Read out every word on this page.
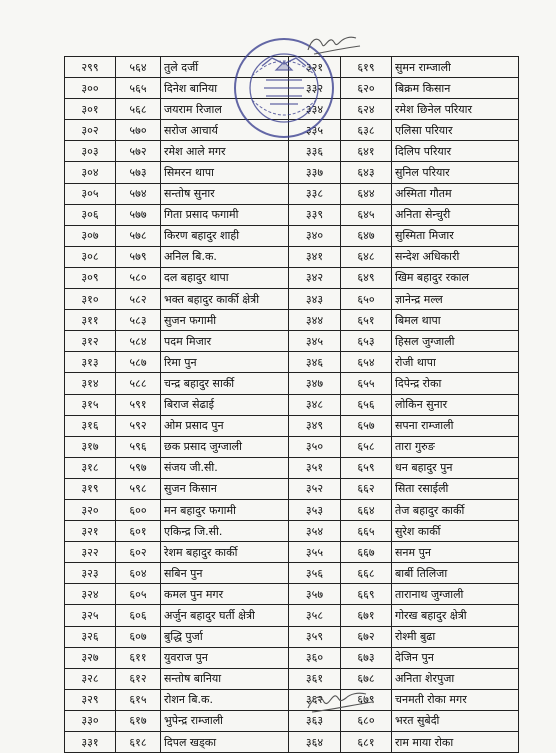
२९९	५६४	तुले दर्जी	३२१	६१९	सुमन राम्जाली
३००	५६५	दिनेश बानिया	३३२	६२०	बिक्रम किसान
३०१	५६८	जयराम रिजाल	३३४	६२४	रमेश छिनेल परियार
३०२	५७०	सरोज आचार्य	३३५	६३८	एलिसा परियार
३०३	५७२	रमेश आले मगर	३३६	६४१	दिलिप परियार
३०४	५७३	सिमरन थापा	३३७	६४३	सुनिल परियार
३०५	५७४	सन्तोष सुनार	३३८	६४४	अस्मिता गौतम
३०६	५७७	गिता प्रसाद फगामी	३३९	६४५	अनिता सेन्चुरी
३०७	५७८	किरण बहादुर शाही	३४०	६४७	सुस्मिता मिजार
३०८	५७९	अनिल बि.क.	३४१	६४८	सन्देश अधिकारी
३०९	५८०	दल बहादुर थापा	३४२	६४९	खिम बहादुर रकाल
३१०	५८२	भक्त बहादुर कार्की क्षेत्री	३४३	६५०	ज्ञानेन्द्र मल्ल
३११	५८३	सुजन फगामी	३४४	६५१	बिमल थापा
३१२	५८४	पदम मिजार	३४५	६५३	हिसल जुग्जाली
३१३	५८७	रिमा पुन	३४६	६५४	रोजी थापा
३१४	५८८	चन्द्र बहादुर सार्की	३४७	६५५	दिपेन्द्र रोका
३१५	५९१	बिराज सेढाई	३४८	६५६	लोकिन सुनार
३१६	५९२	ओम प्रसाद पुन	३४९	६५७	सपना राम्जाली
३१७	५९६	छक प्रसाद जुग्जाली	३५०	६५८	तारा गुरुङ
३१८	५९७	संजय जी.सी.	३५१	६५९	धन बहादुर पुन
३१९	५९८	सुजन किसान	३५२	६६२	सिता रसाईली
३२०	६००	मन बहादुर फगामी	३५३	६६४	तेज बहादुर कार्की
३२१	६०१	एकिन्द्र जि.सी.	३५४	६६५	सुरेश कार्की
३२२	६०२	रेशम बहादुर कार्की	३५५	६६७	सनम पुन
३२३	६०४	सबिन पुन	३५६	६६८	बार्बी तिलिजा
३२४	६०५	कमल पुन मगर	३५७	६६९	तारानाथ जुग्जाली
३२५	६०६	अर्जुन बहादुर घर्ती क्षेत्री	३५८	६७१	गोरख बहादुर क्षेत्री
३२६	६०७	बुद्धि पुर्जा	३५९	६७२	रोश्मी बुढा
३२७	६११	युवराज पुन	३६०	६७३	देजिन पुन
३२८	६१२	सन्तोष बानिया	३६१	६७८	अनिता शेरपुजा
३२९	६१५	रोशन बि.क.	३६२	६७९	चनमती रोका मगर
३३०	६१७	भुपेन्द्र राम्जाली	३६३	६८०	भरत सुबेदी
३३१	६१८	दिपल खड्का	३६४	६८१	राम माया रोका
